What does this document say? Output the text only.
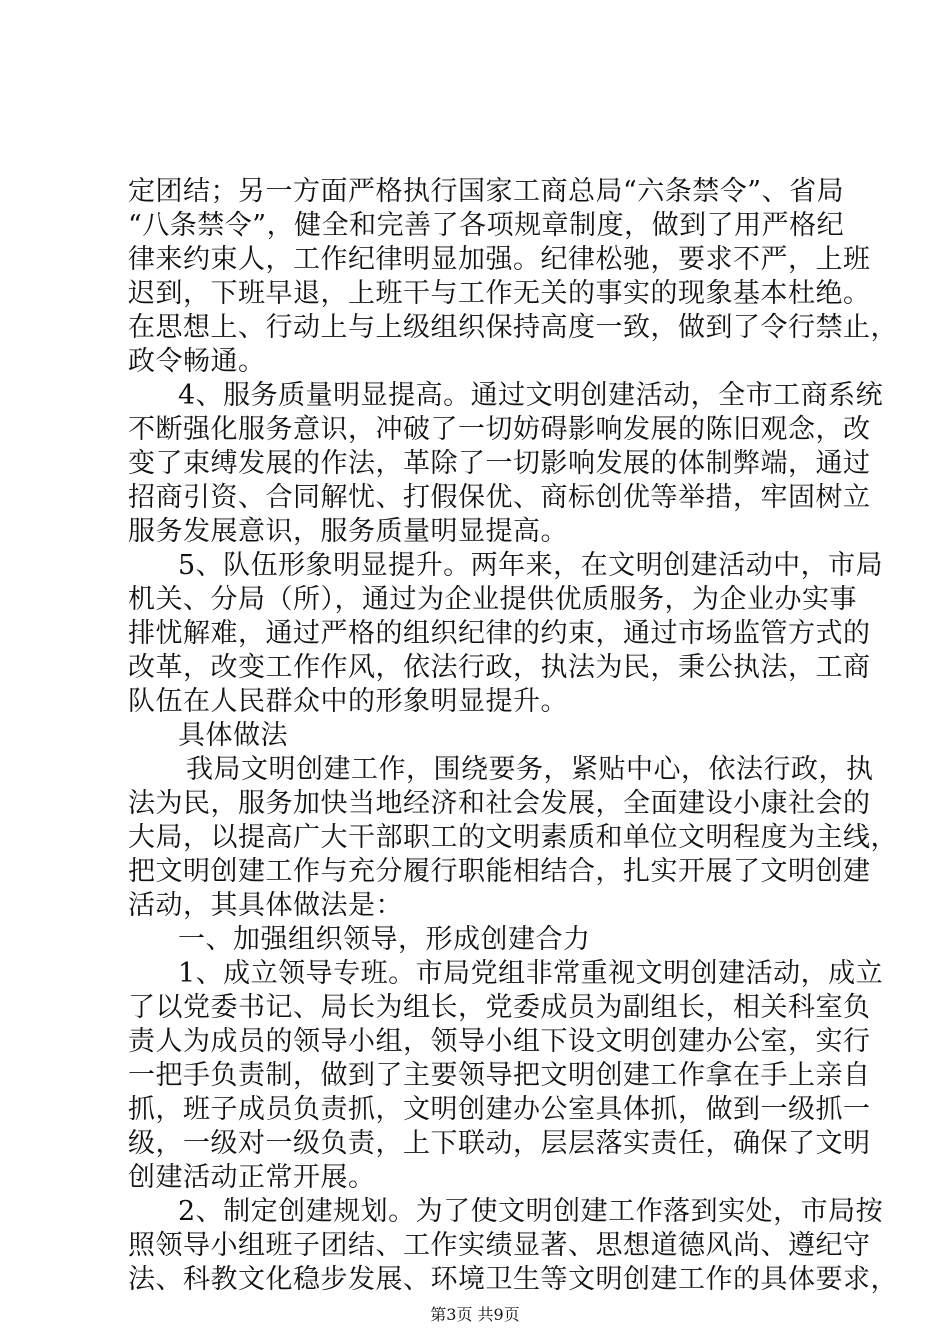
定团结；另一方面严格执行国家工商总局“六条禁令”、省局
“八条禁令”，健全和完善了各项规章制度，做到了用严格纪
律来约束人，工作纪律明显加强。纪律松驰，要求不严，上班
迟到，下班早退，上班干与工作无关的事实的现象基本杜绝。
在思想上、行动上与上级组织保持高度一致，做到了令行禁止，
政令畅通。
4、服务质量明显提高。通过文明创建活动，全市工商系统
不断强化服务意识，冲破了一切妨碍影响发展的陈旧观念，改
变了束缚发展的作法，革除了一切影响发展的体制弊端，通过
招商引资、合同解忧、打假保优、商标创优等举措，牢固树立
服务发展意识，服务质量明显提高。
5、队伍形象明显提升。两年来，在文明创建活动中，市局
机关、分局（所），通过为企业提供优质服务，为企业办实事
排忧解难，通过严格的组织纪律的约束，通过市场监管方式的
改革，改变工作作风，依法行政，执法为民，秉公执法，工商
队伍在人民群众中的形象明显提升。
具体做法
我局文明创建工作，围绕要务，紧贴中心，依法行政，执
法为民，服务加快当地经济和社会发展，全面建设小康社会的
大局，以提高广大干部职工的文明素质和单位文明程度为主线，
把文明创建工作与充分履行职能相结合，扎实开展了文明创建
活动，其具体做法是：
一、加强组织领导，形成创建合力
1、成立领导专班。市局党组非常重视文明创建活动，成立
了以党委书记、局长为组长，党委成员为副组长，相关科室负
责人为成员的领导小组，领导小组下设文明创建办公室，实行
一把手负责制，做到了主要领导把文明创建工作拿在手上亲自
抓，班子成员负责抓，文明创建办公室具体抓，做到一级抓一
级，一级对一级负责，上下联动，层层落实责任，确保了文明
创建活动正常开展。
2、制定创建规划。为了使文明创建工作落到实处，市局按
照领导小组班子团结、工作实绩显著、思想道德风尚、遵纪守
法、科教文化稳步发展、环境卫生等文明创建工作的具体要求，
第3页 共9页
